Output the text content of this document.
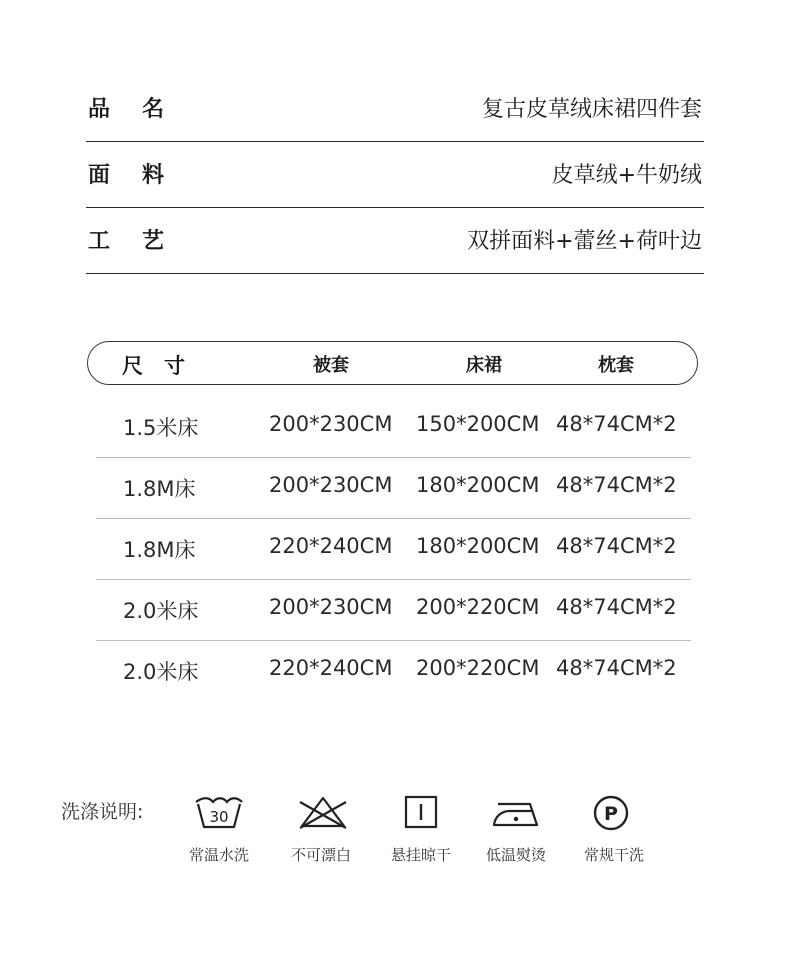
品 名	复古皮草绒床裙四件套
面 料	皮草绒+牛奶绒
工 艺	双拼面料+蕾丝+荷叶边
尺　寸	被套	床裙	枕套
1.5米床	200*230CM 150*200CM 48*74CM*2
1.8M床	200*230CM 180*200CM 48*74CM*2
1.8M床	220*240CM 180*200CM 48*74CM*2
2.0米床	200*230CM 200*220CM 48*74CM*2
2.0米床	220*240CM 200*220CM 48*74CM*2
洗涤说明:	30	P
常温水洗	不可漂白	悬挂晾干	低温熨烫	常规干洗
